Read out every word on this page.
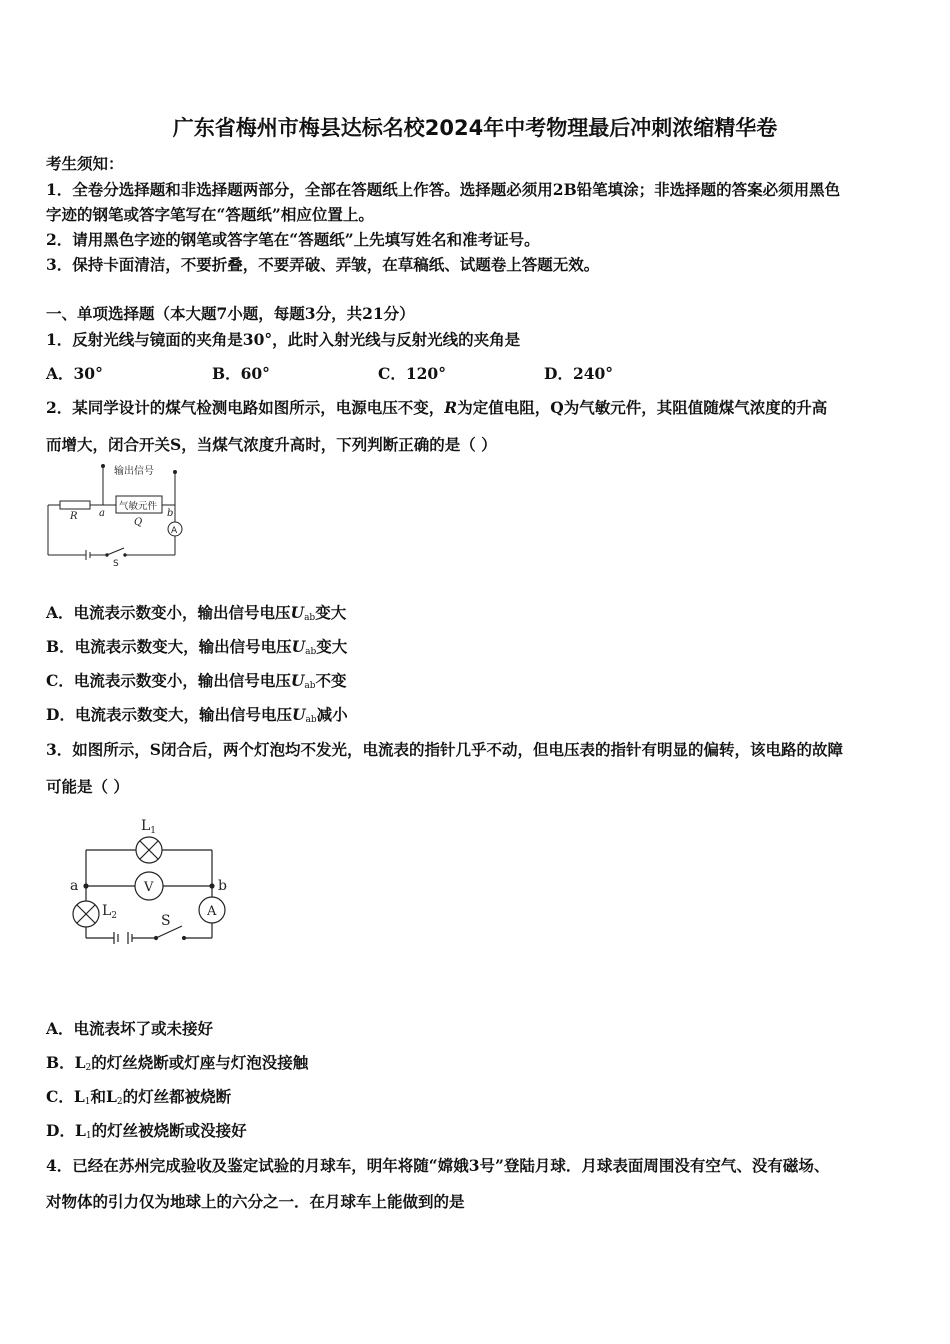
广东省梅州市梅县达标名校2024年中考物理最后冲刺浓缩精华卷
考生须知：
1．全卷分选择题和非选择题两部分，全部在答题纸上作答。选择题必须用2B铅笔填涂；非选择题的答案必须用黑色
字迹的钢笔或答字笔写在“答题纸”相应位置上。
2．请用黑色字迹的钢笔或答字笔在“答题纸”上先填写姓名和准考证号。
3．保持卡面清洁，不要折叠，不要弄破、弄皱，在草稿纸、试题卷上答题无效。
一、单项选择题（本大题7小题，每题3分，共21分）
1．反射光线与镜面的夹角是30°，此时入射光线与反射光线的夹角是
A．30°	B．60°	C．120°	D．240°
2．某同学设计的煤气检测电路如图所示，电源电压不变，R为定值电阻，Q为气敏元件，其阻值随煤气浓度的升高
而增大，闭合开关S，当煤气浓度升高时，下列判断正确的是（ ）
输出信号
气敏元件
R a	b
Q
A
S
A．电流表示数变小，输出信号电压$U_{ab}$变大
B．电流表示数变大，输出信号电压$U_{ab}$变大
C．电流表示数变小，输出信号电压$U_{ab}$不变
D．电流表示数变大，输出信号电压$U_{ab}$减小
3．如图所示，S闭合后，两个灯泡均不发光，电流表的指针几乎不动，但电压表的指针有明显的偏转，该电路的故障
可能是（ ）
$L_1$
V
A
a	b
$L_2$	S
A．电流表坏了或未接好
B．$L_2$的灯丝烧断或灯座与灯泡没接触
C．$L_1$和$L_2$的灯丝都被烧断
D．$L_1$的灯丝被烧断或没接好
4．已经在苏州完成验收及鉴定试验的月球车，明年将随“嫦娥3号”登陆月球．月球表面周围没有空气、没有磁场、
对物体的引力仅为地球上的六分之一．在月球车上能做到的是
